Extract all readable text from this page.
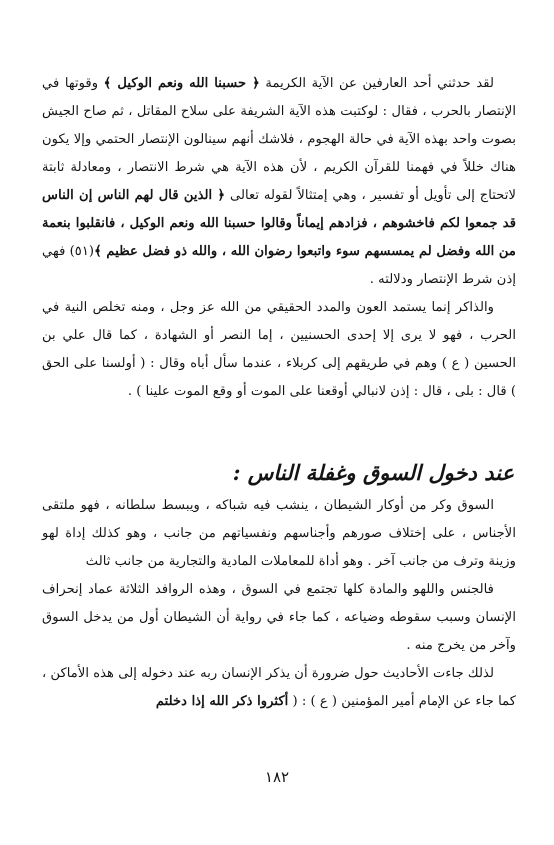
لقد حدثني أحد العارفين عن الآية الكريمة ﴿ حسبنا الله ونعم الوكيل ﴾ وقوتها في الإنتصار بالحرب ، فقال : لوكتبت هذه الآية الشريفة على سلاح المقاتل ، ثم صاح الجيش بصوت واحد بهذه الآية في حالة الهجوم ، فلاشك أنهم سينالون الإنتصار الحتمي وإلا يكون هناك خللاً في فهمنا للقرآن الكريم ، لأن هذه الآية هي شرط الانتصار ، ومعادلة ثابتة لاتحتاج إلى تأويل أو تفسير ، وهي إمتثالاً لقوله تعالى ﴿ الذين قال لهم الناس إن الناس قد جمعوا لكم فاخشوهم ، فزادهم إيماناً وقالوا حسبنا الله ونعم الوكيل ، فانقلبوا بنعمة من الله وفضل لم يمسسهم سوء واتبعوا رضوان الله ، والله ذو فضل عظيم ﴾(٥١) فهي إذن شرط الإنتصار ودلالته .

والذاكر إنما يستمد العون والمدد الحقيقي من الله عز وجل ، ومنه تخلص النية في الحرب ، فهو لا يرى إلا إحدى الحسنيين ، إما النصر أو الشهادة ، كما قال علي بن الحسين ( ع ) وهم في طريقهم إلى كربلاء ، عندما سأل أباه وقال : ( أولسنا على الحق ) قال : بلى ، قال : إذن لانبالي أوقعنا على الموت أو وقع الموت علينا ) .

عند دخول السوق وغفلة الناس :

السوق وكر من أوكار الشيطان ، ينشب فيه شباكه ، ويبسط سلطانه ، فهو ملتقى الأجناس ، على إختلاف صورهم وأجناسهم ونفسياتهم من جانب ، وهو كذلك إداة لهو وزينة وترف من جانب آخر . وهو أداة للمعاملات المادية والتجارية من جانب ثالث

فالجنس واللهو والمادة كلها تجتمع في السوق ، وهذه الروافد الثلاثة عماد إنحراف الإنسان وسبب سقوطه وضياعه ، كما جاء في رواية أن الشيطان أول من يدخل السوق وآخر من يخرج منه .

لذلك جاءت الأحاديث حول ضرورة أن يذكر الإنسان ربه عند دخوله إلى هذه الأماكن ، كما جاء عن الإمام أمير المؤمنين ( ع ) : ( أكثروا ذكر الله إذا دخلتم

١٨٢
